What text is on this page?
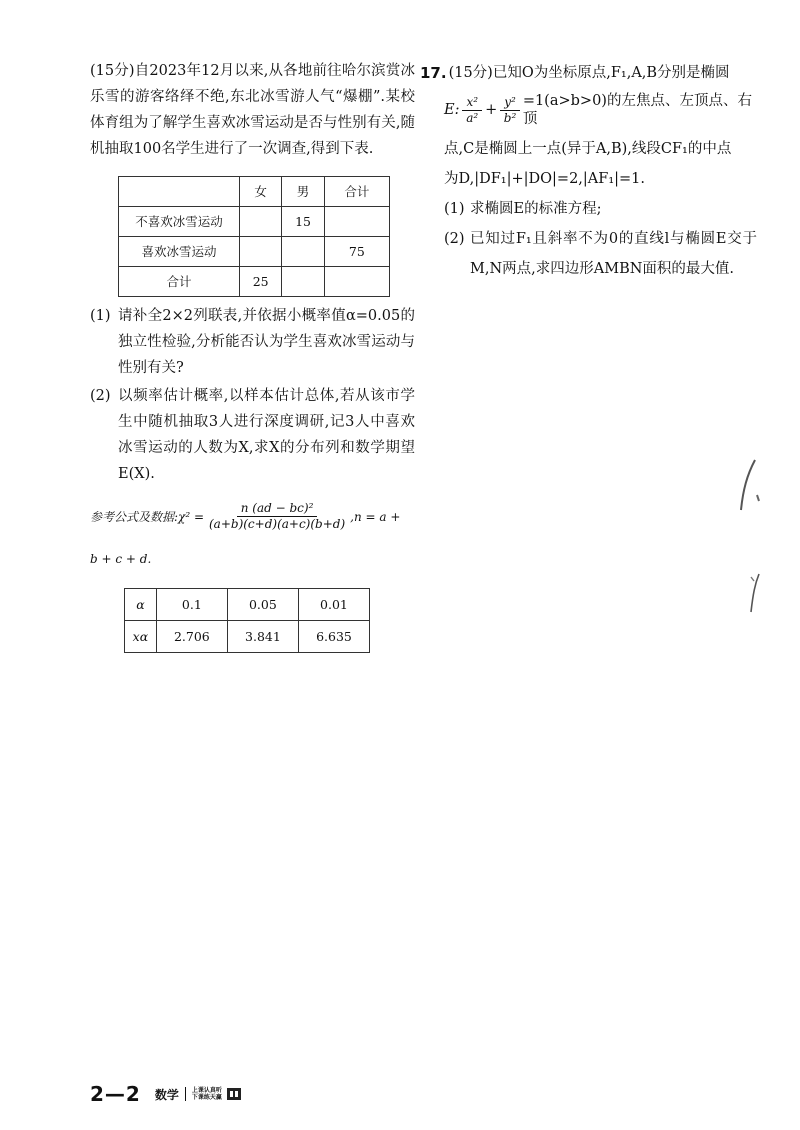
(15分)自2023年12月以来,从各地前往哈尔滨赏冰乐雪的游客络绎不绝,东北冰雪游人气“爆棚”.某校体育组为了解学生喜欢冰雪运动是否与性别有关,随机抽取100名学生进行了一次调查,得到下表.

	女	男	合计
不喜欢冰雪运动		15	
喜欢冰雪运动			75
合计	25		
(1) 请补全2×2列联表,并依据小概率值α=0.05的独立性检验,分析能否认为学生喜欢冰雪运动与性别有关?
(2) 以频率估计概率,以样本估计总体,若从该市学生中随机抽取3人进行深度调研,记3人中喜欢冰雪运动的人数为X,求X的分布列和数学期望E(X).
参考公式及数据:χ² = $\frac{\text{n (ad − bc)²}}{(a+b)(c+d)(a+c)(b+d)} ,n = a$ +
b + c + d.
α	0.1	0.05	0.01
xα	2.706	3.841	6.635
17. (15分)已知O为坐标原点,F₁,A,B分别是椭圆
E: $\frac{\text{x²}}{\text{a²}} + \frac{\text{y²}}{\text{b²}} =1(a>b>0)$的左焦点、左顶点、右顶

点,C是椭圆上一点(异于A,B),线段CF₁的中点

为D,|DF₁|+|DO|=2,|AF₁|=1.

(1) 求椭圆E的标准方程;
(2) 已知过F₁且斜率不为0的直线l与椭圆E交于M,N两点,求四边形AMBN面积的最大值.
2—2 数学 上课认真听
下课练天赢
